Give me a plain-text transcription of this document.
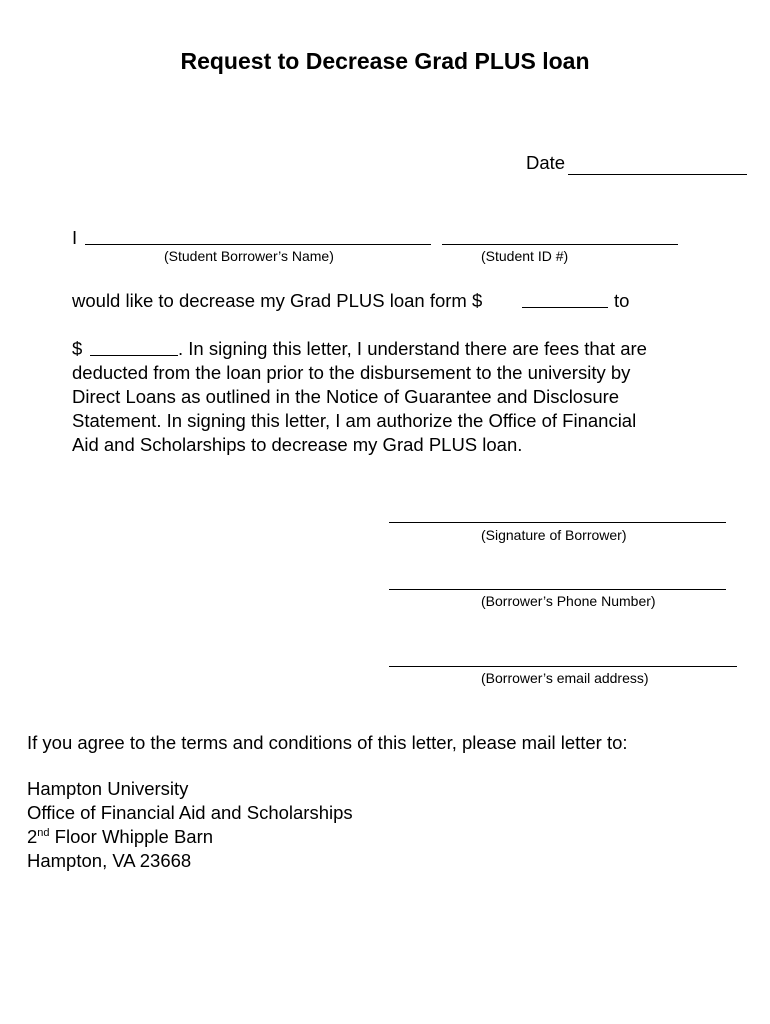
Request to Decrease Grad PLUS loan
Date
I
(Student Borrower’s Name)	(Student ID #)
would like to decrease my Grad PLUS loan form $	to
$	. In signing this letter, I understand there are fees that are
deducted from the loan prior to the disbursement to the university by
Direct Loans as outlined in the Notice of Guarantee and Disclosure
Statement. In signing this letter, I am authorize the Office of Financial
Aid and Scholarships to decrease my Grad PLUS loan.
(Signature of Borrower)
(Borrower’s Phone Number)
(Borrower’s email address)
If you agree to the terms and conditions of this letter, please mail letter to:
Hampton University
Office of Financial Aid and Scholarships
2nd Floor Whipple Barn
Hampton, VA 23668
